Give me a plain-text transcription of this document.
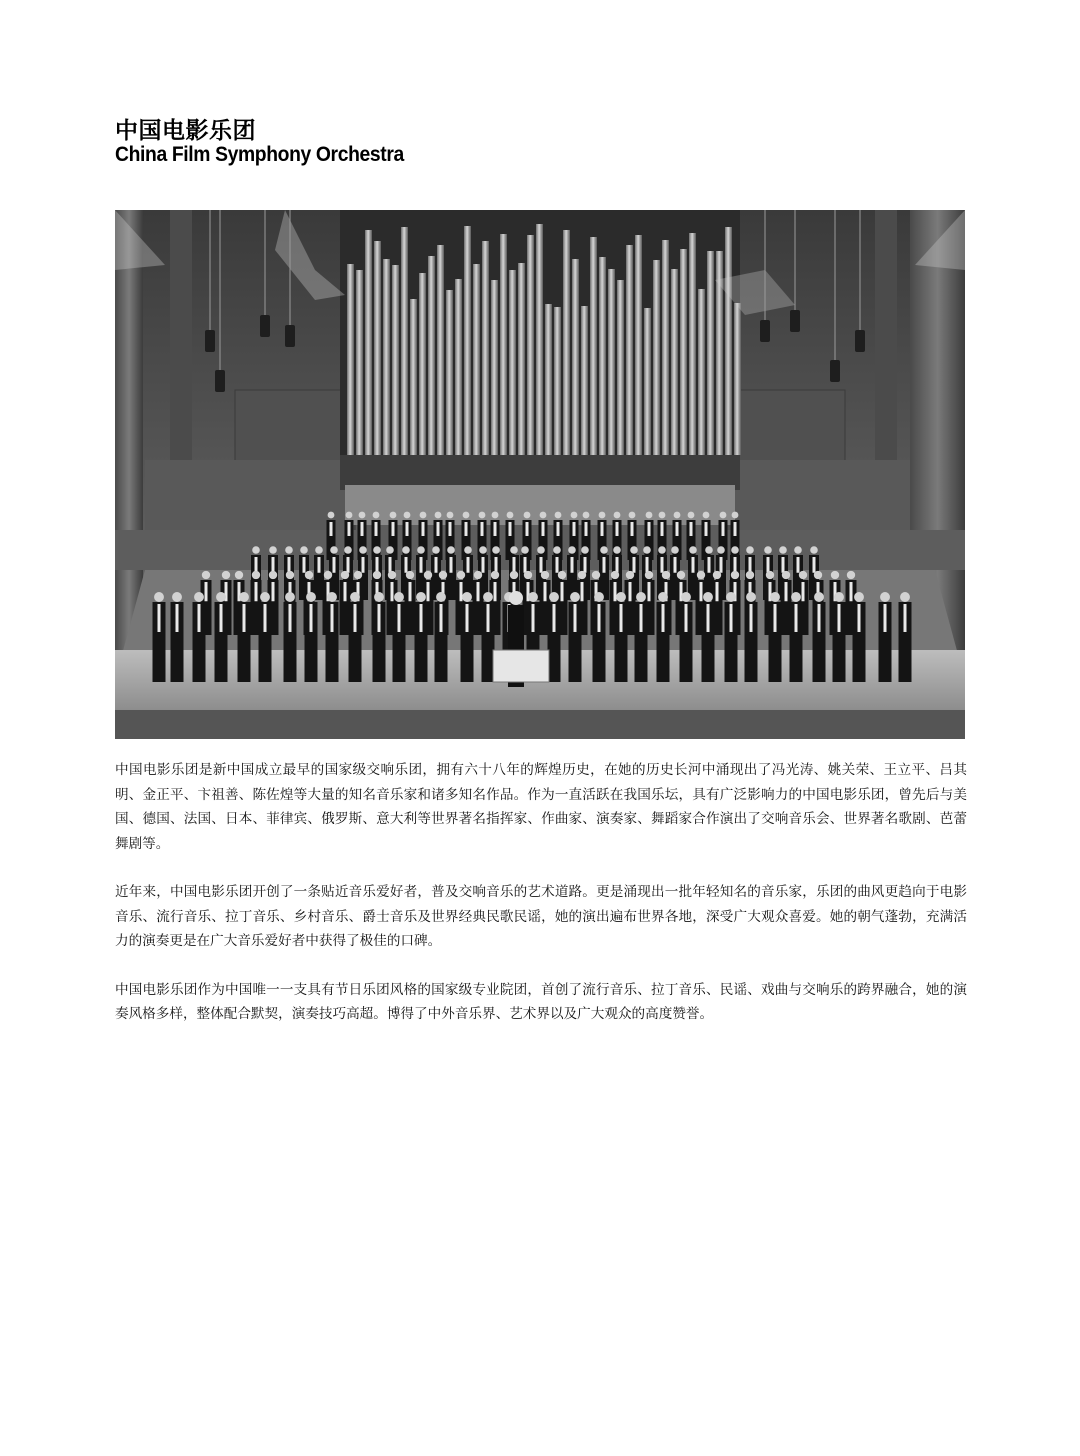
中国电影乐团
China Film Symphony Orchestra

中国电影乐团是新中国成立最早的国家级交响乐团，拥有六十八年的辉煌历史，在她的历史长河中涌现出了冯光涛、姚关荣、王立平、吕其明、金正平、卞祖善、陈佐煌等大量的知名音乐家和诸多知名作品。作为一直活跃在我国乐坛，具有广泛影响力的中国电影乐团，曾先后与美国、德国、法国、日本、菲律宾、俄罗斯、意大利等世界著名指挥家、作曲家、演奏家、舞蹈家合作演出了交响音乐会、世界著名歌剧、芭蕾舞剧等。

近年来，中国电影乐团开创了一条贴近音乐爱好者，普及交响音乐的艺术道路。更是涌现出一批年轻知名的音乐家，乐团的曲风更趋向于电影音乐、流行音乐、拉丁音乐、乡村音乐、爵士音乐及世界经典民歌民谣，她的演出遍布世界各地，深受广大观众喜爱。她的朝气蓬勃，充满活力的演奏更是在广大音乐爱好者中获得了极佳的口碑。

中国电影乐团作为中国唯一一支具有节日乐团风格的国家级专业院团，首创了流行音乐、拉丁音乐、民谣、戏曲与交响乐的跨界融合，她的演奏风格多样，整体配合默契，演奏技巧高超。博得了中外音乐界、艺术界以及广大观众的高度赞誉。
